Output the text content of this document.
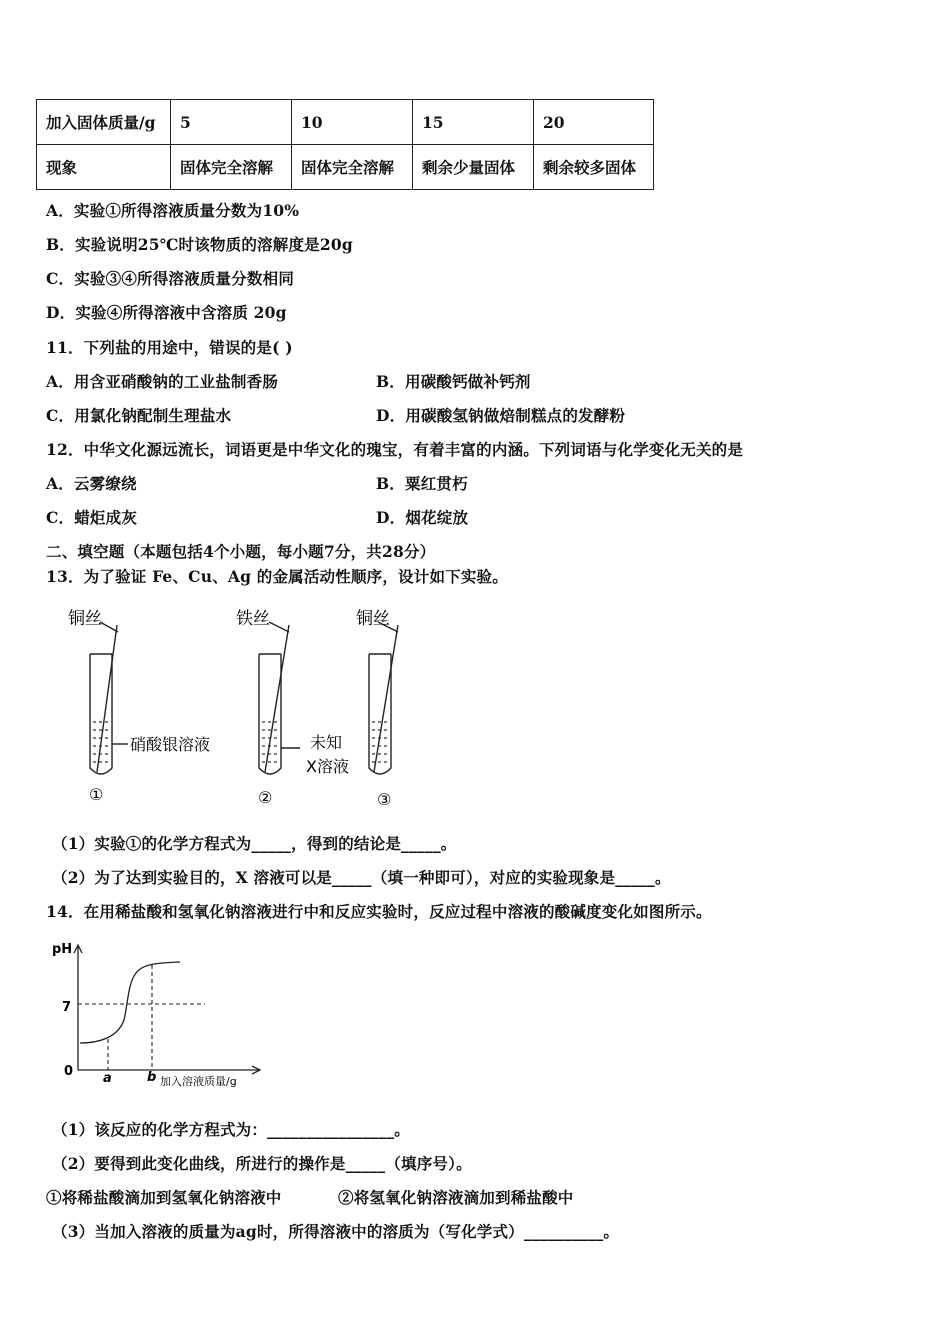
加入固体质量/g	5	10	15	20
现象	固体完全溶解	固体完全溶解	剩余少量固体	剩余较多固体
A．实验①所得溶液质量分数为10%
B．实验说明25℃时该物质的溶解度是20g
C．实验③④所得溶液质量分数相同
D．实验④所得溶液中含溶质 20g
11．下列盐的用途中，错误的是( )
A．用含亚硝酸钠的工业盐制香肠	B．用碳酸钙做补钙剂
C．用氯化钠配制生理盐水	D．用碳酸氢钠做焙制糕点的发酵粉
12．中华文化源远流长，词语更是中华文化的瑰宝，有着丰富的内涵。下列词语与化学变化无关的是
A．云雾缭绕	B．粟红贯朽
C．蜡炬成灰	D．烟花绽放
二、填空题（本题包括4个小题，每小题7分，共28分）
13．为了验证 Fe、Cu、Ag 的金属活动性顺序，设计如下实验。
铜丝
硝酸银溶液
①
铁丝
未知
X溶液
②
铜丝
③
（1）实验①的化学方程式为_____，得到的结论是_____。
（2）为了达到实验目的，X 溶液可以是_____（填一种即可），对应的实验现象是_____。
14．在用稀盐酸和氢氧化钠溶液进行中和反应实验时，反应过程中溶液的酸碱度变化如图所示。
pH
7
0 a	b 加入溶液质量/g
（1）该反应的化学方程式为：________________。
（2）要得到此变化曲线，所进行的操作是_____（填序号）。
①将稀盐酸滴加到氢氧化钠溶液中	②将氢氧化钠溶液滴加到稀盐酸中
（3）当加入溶液的质量为ag时，所得溶液中的溶质为（写化学式）__________。
